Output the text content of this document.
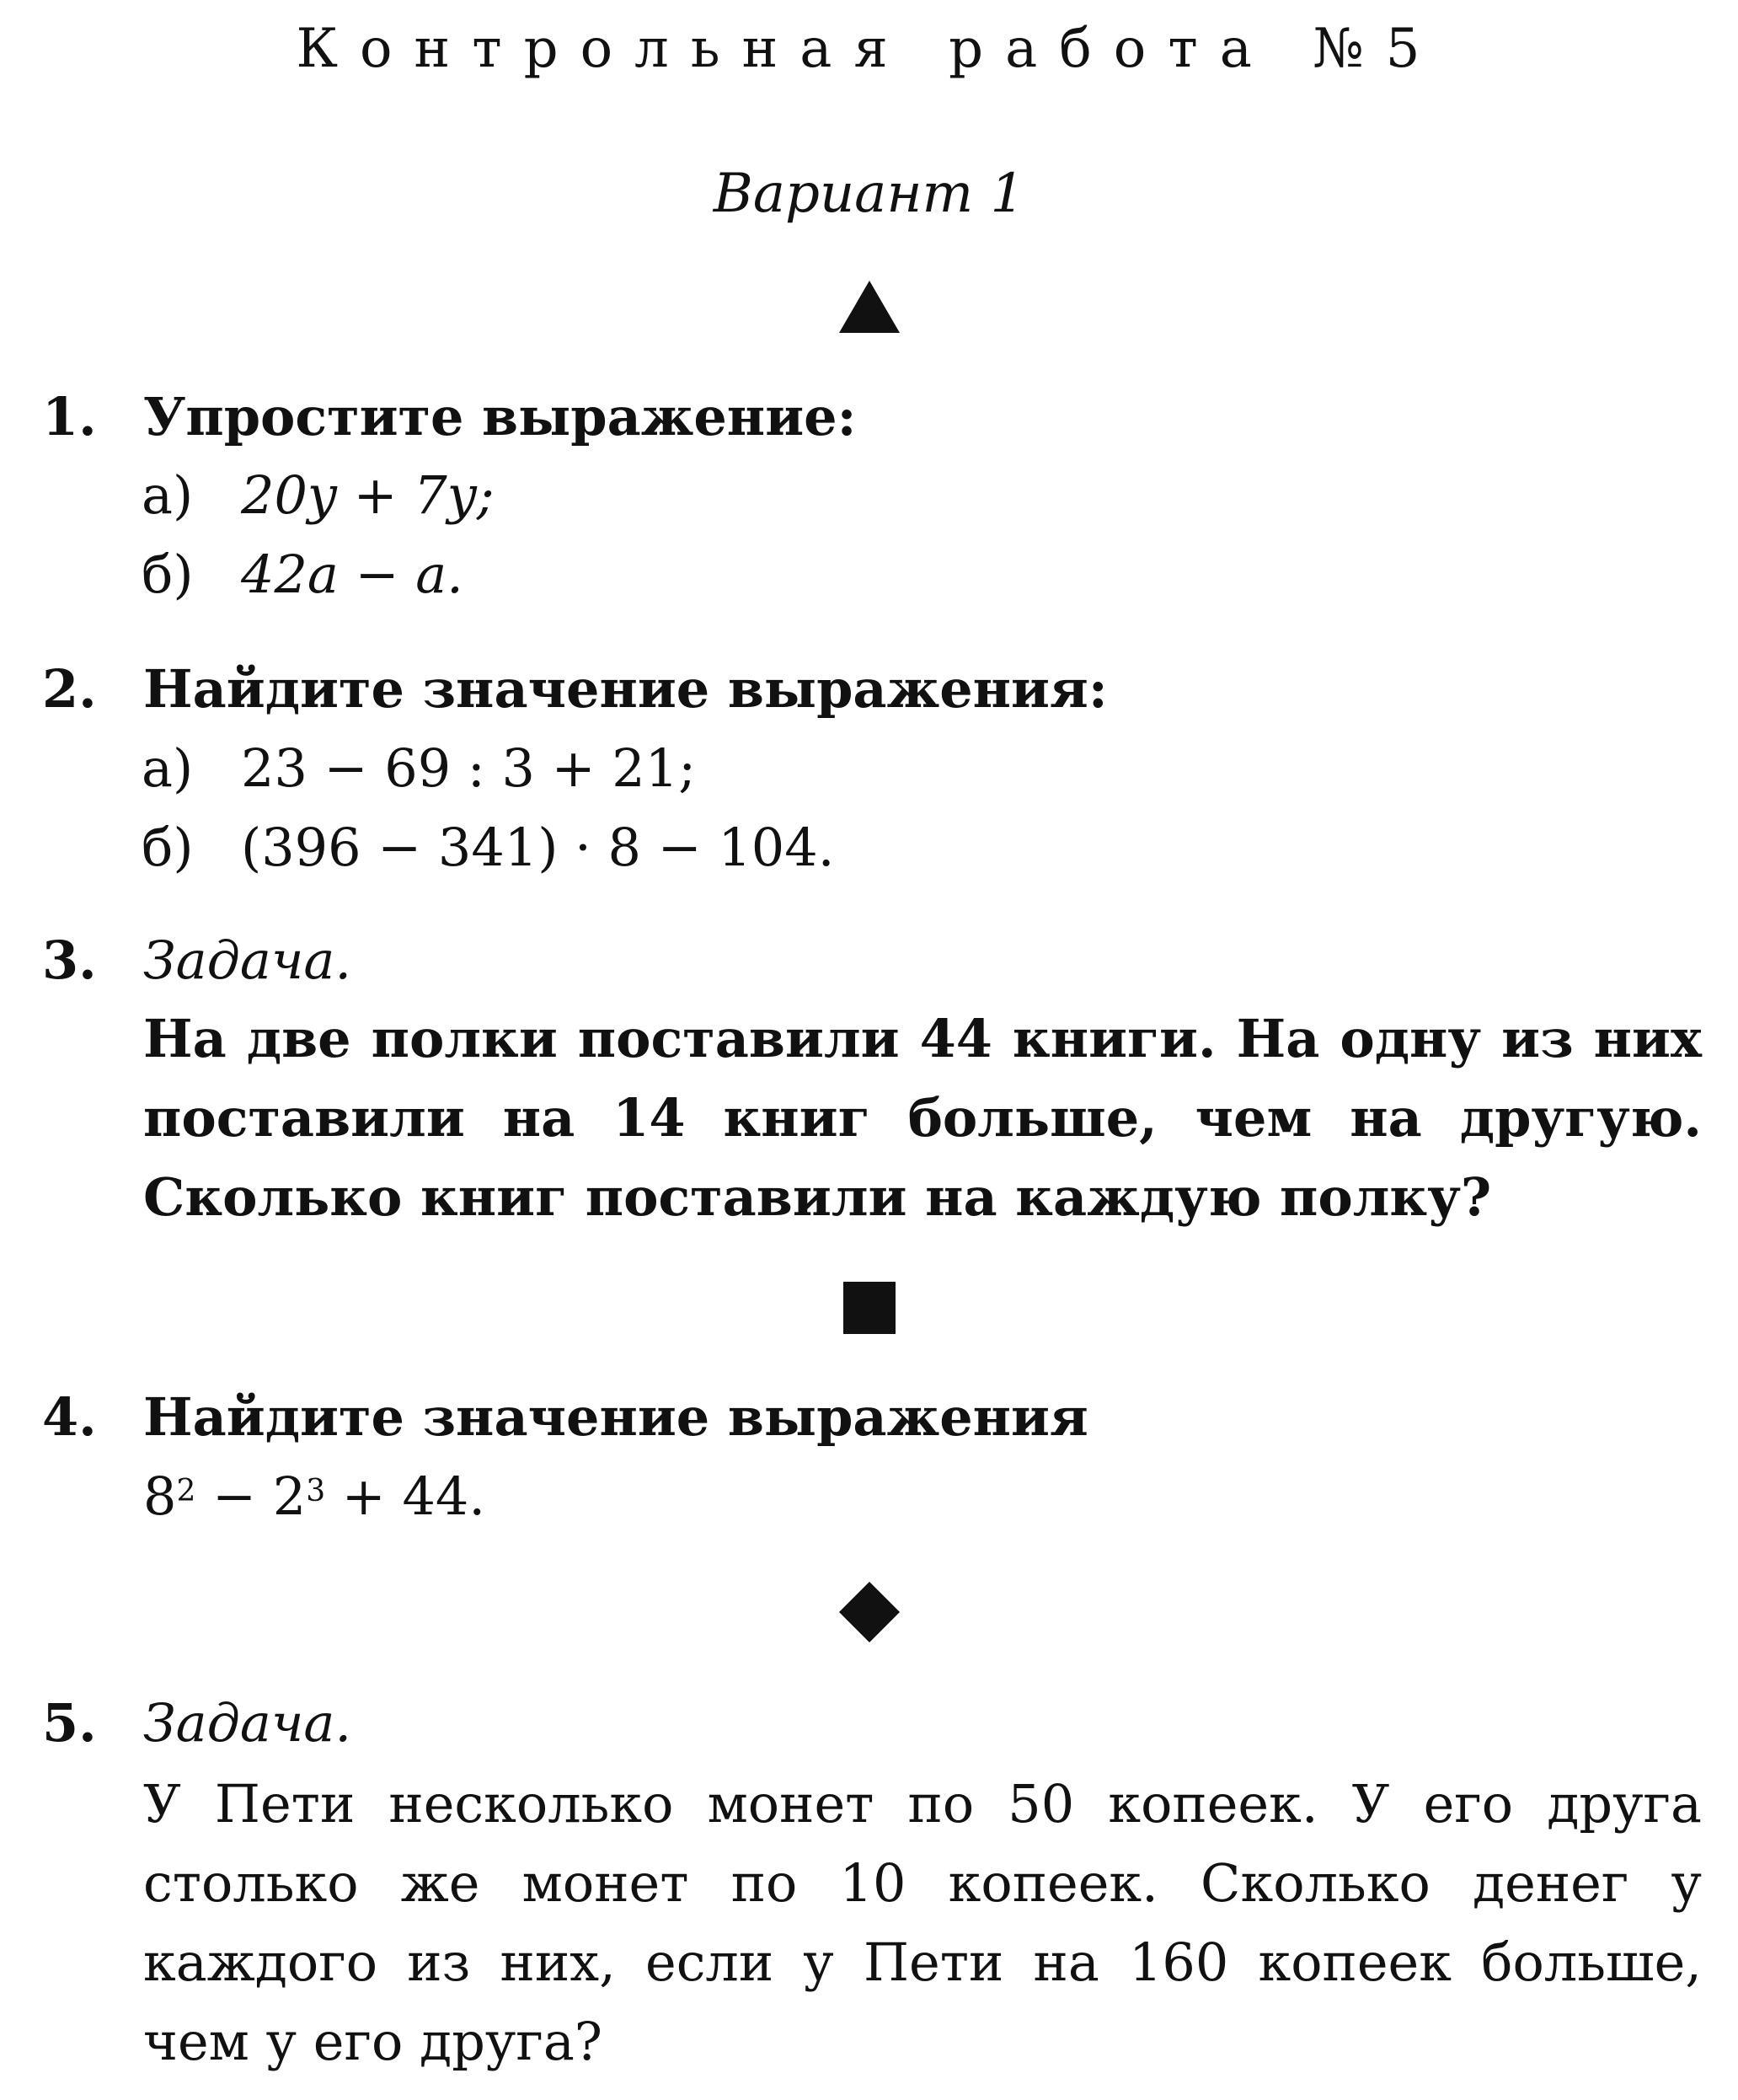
Контрольная работа №5
Вариант 1
1. Упростите выражение:
а) 20y + 7y;
б) 42a − a.
2. Найдите значение выражения:
а) 23 − 69 : 3 + 21;
б) (396 − 341) · 8 − 104.
3. Задача.
На две полки поставили 44 книги. На одну из них поставили на 14 книг больше, чем на другую. Сколько книг поставили на каждую полку?
4. Найдите значение выражения
$8^2 - 2^3 + 44$.
5. Задача.
У Пети несколько монет по 50 копеек. У его друга столько же монет по 10 копеек. Сколько денег у каждого из них, если у Пети на 160 копеек больше, чем у его друга?
